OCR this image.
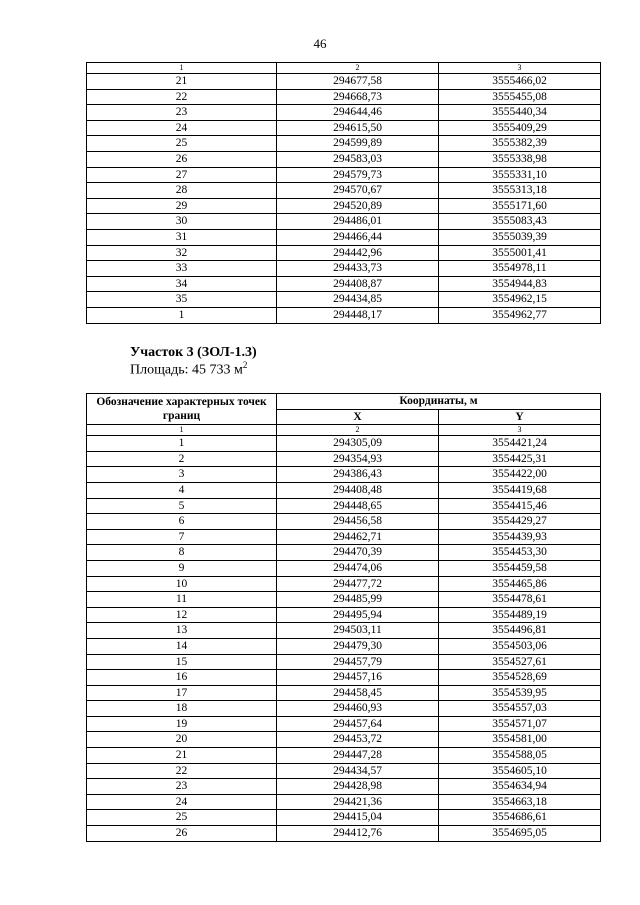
46
1	2	3
21	294677,58	3555466,02
22	294668,73	3555455,08
23	294644,46	3555440,34
24	294615,50	3555409,29
25	294599,89	3555382,39
26	294583,03	3555338,98
27	294579,73	3555331,10
28	294570,67	3555313,18
29	294520,89	3555171,60
30	294486,01	3555083,43
31	294466,44	3555039,39
32	294442,96	3555001,41
33	294433,73	3554978,11
34	294408,87	3554944,83
35	294434,85	3554962,15
1	294448,17	3554962,77
Участок 3 (ЗОЛ-1.3)
Площадь: 45 733 $м^2$
Обозначение характерных точек границ	Координаты, м	
	X	Y
1	2	3
1	294305,09	3554421,24
2	294354,93	3554425,31
3	294386,43	3554422,00
4	294408,48	3554419,68
5	294448,65	3554415,46
6	294456,58	3554429,27
7	294462,71	3554439,93
8	294470,39	3554453,30
9	294474,06	3554459,58
10	294477,72	3554465,86
11	294485,99	3554478,61
12	294495,94	3554489,19
13	294503,11	3554496,81
14	294479,30	3554503,06
15	294457,79	3554527,61
16	294457,16	3554528,69
17	294458,45	3554539,95
18	294460,93	3554557,03
19	294457,64	3554571,07
20	294453,72	3554581,00
21	294447,28	3554588,05
22	294434,57	3554605,10
23	294428,98	3554634,94
24	294421,36	3554663,18
25	294415,04	3554686,61
26	294412,76	3554695,05
